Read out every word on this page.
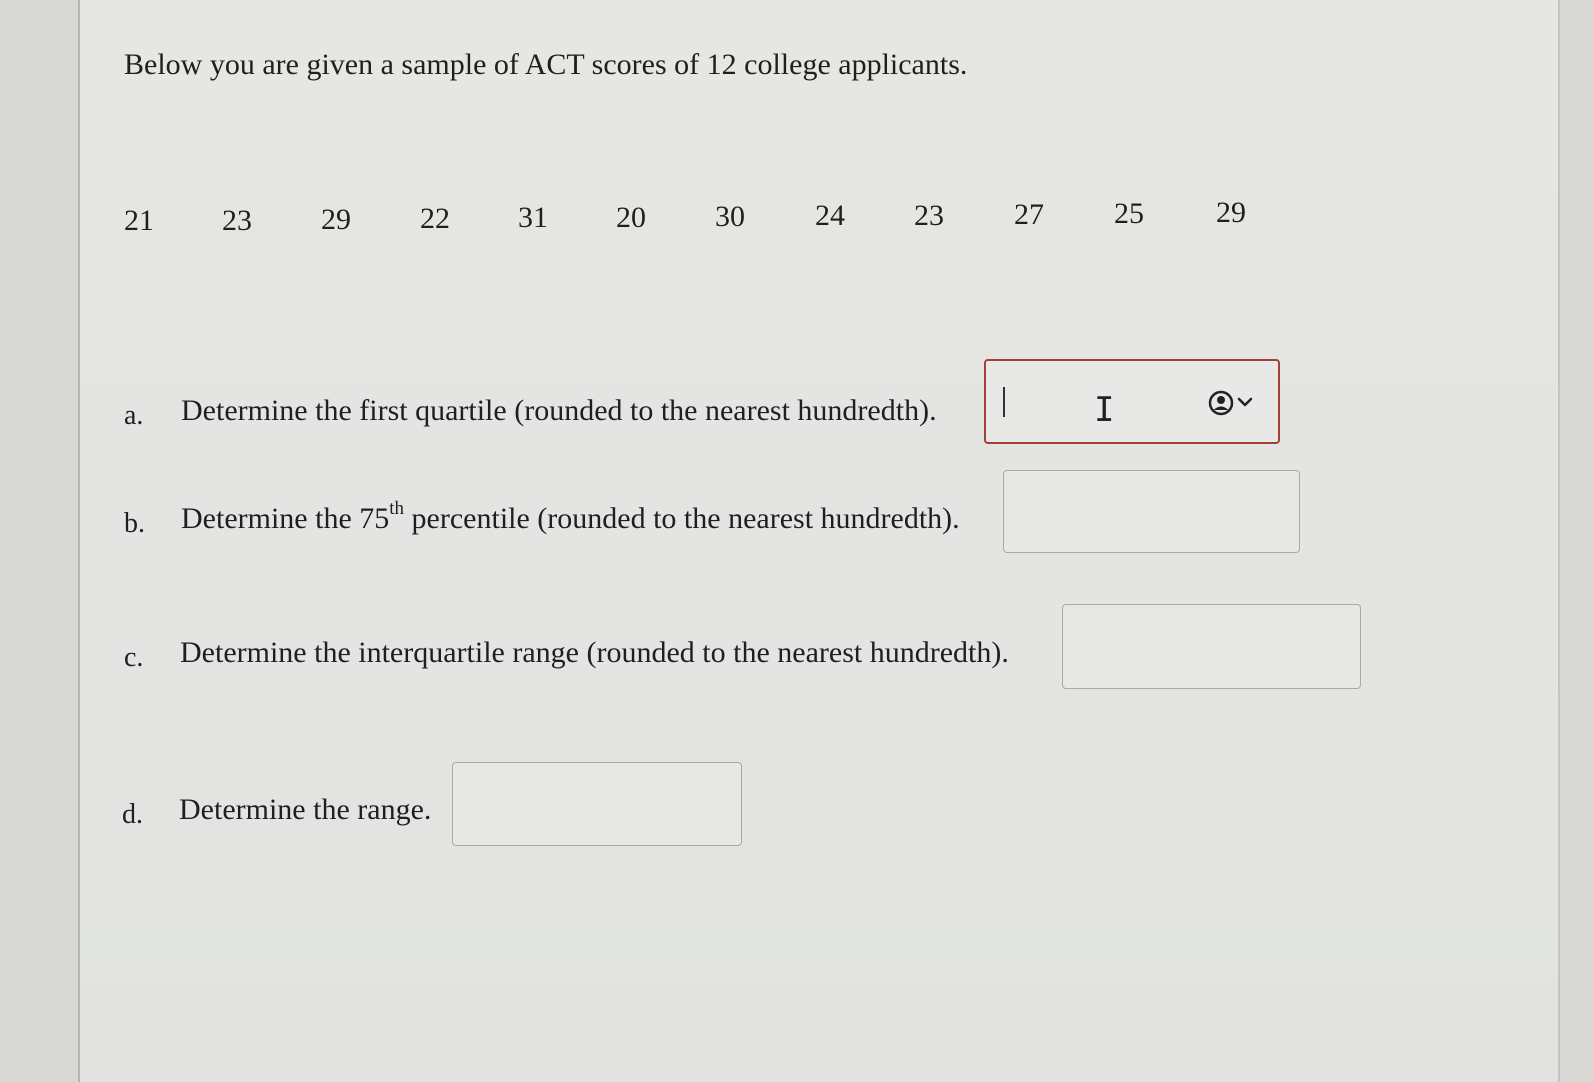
Below you are given a sample of ACT scores of 12 college applicants.
21 23 29 22 31 20 30 24 23 27 25 29
a. Determine the first quartile (rounded to the nearest hundredth).	I
b. Determine the 75th percentile (rounded to the nearest hundredth).
c. Determine the interquartile range (rounded to the nearest hundredth).
d. Determine the range.
